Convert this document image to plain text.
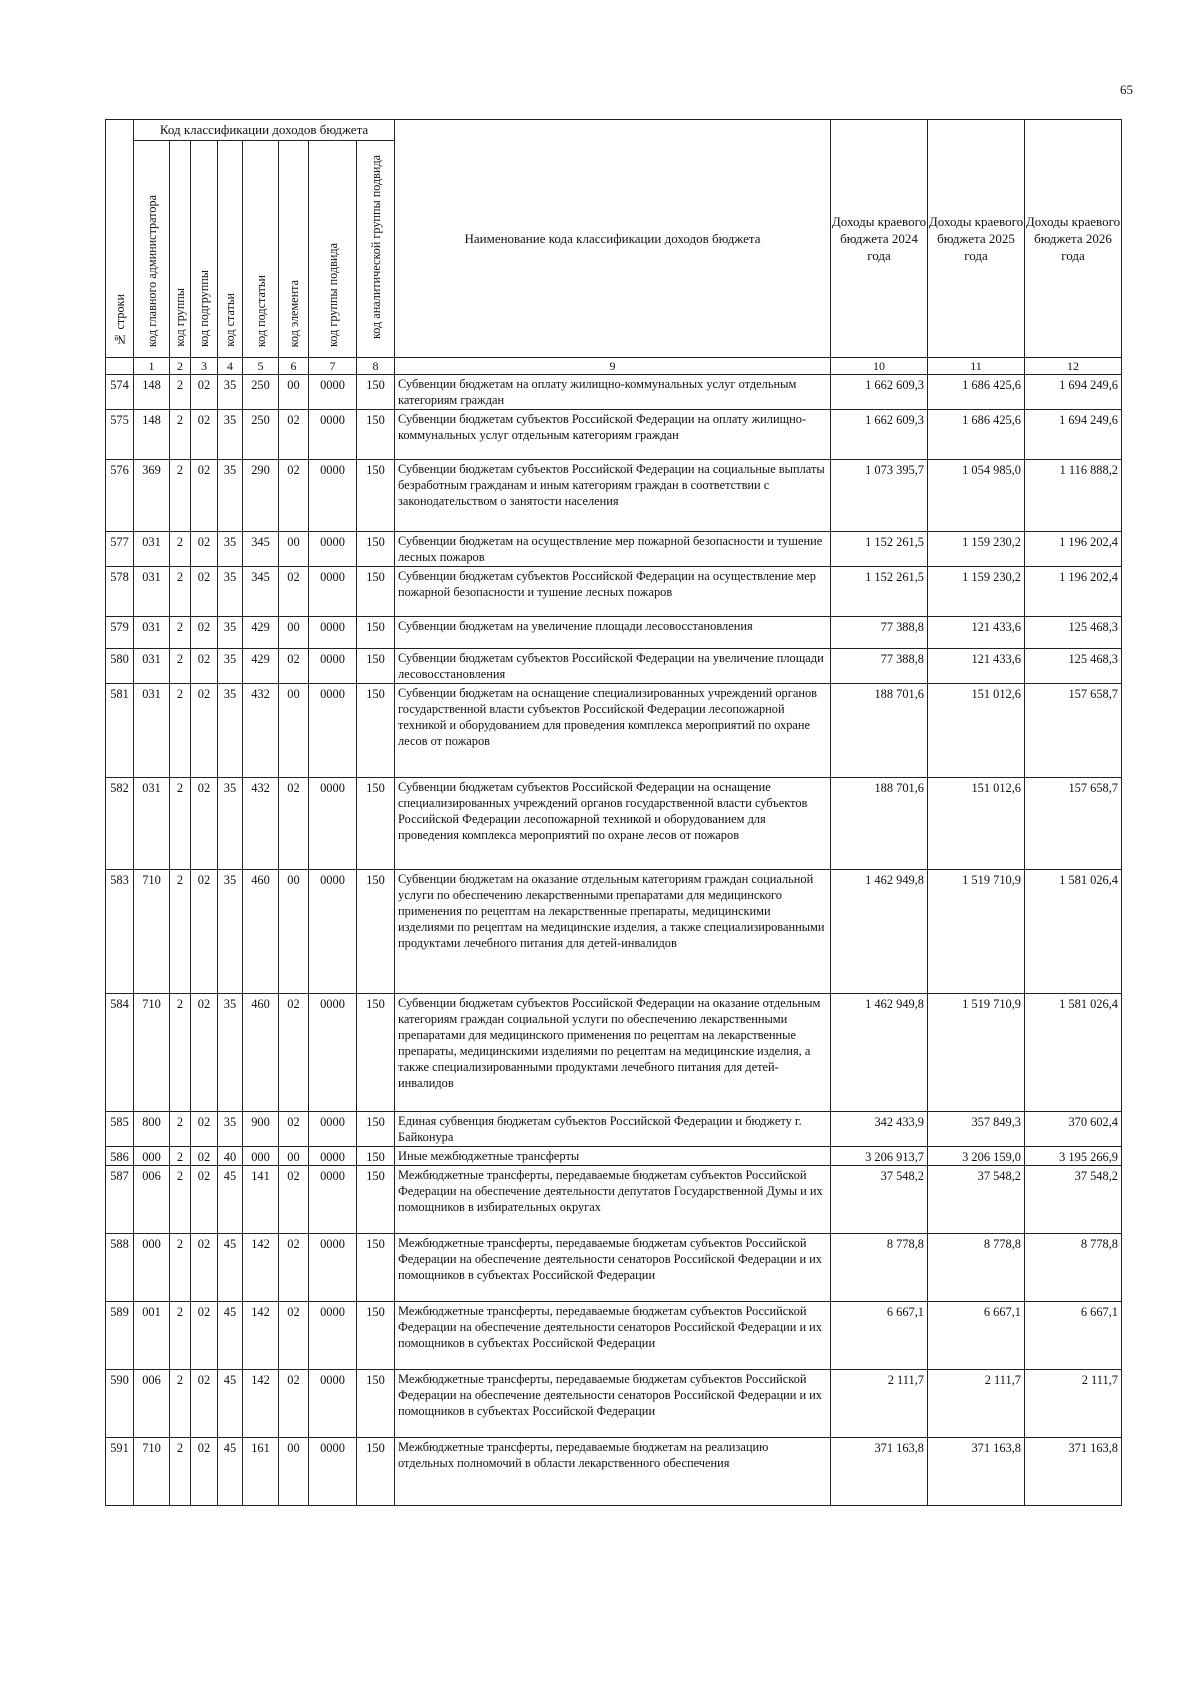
65
№ строки	Код классификации доходов бюджета								Наименование кода классификации доходов бюджета	Доходы краевого бюджета 2024 года	Доходы краевого бюджета 2025 года	Доходы краевого бюджета 2026 года
	код главного администратора	код группы	код подгруппы	код статьи	код подстатьи	код элемента	код группы подвида	код аналитической группы подвида				
	1	2	3	4	5	6	7	8	9	10	11	12
574	148	2	02	35	250	00	0000	150	Субвенции бюджетам на оплату жилищно-коммунальных услуг отдельным категориям граждан	1 662 609,3	1 686 425,6	1 694 249,6
575	148	2	02	35	250	02	0000	150	Субвенции бюджетам субъектов Российской Федерации на оплату жилищно-коммунальных услуг отдельным категориям граждан	1 662 609,3	1 686 425,6	1 694 249,6
576	369	2	02	35	290	02	0000	150	Субвенции бюджетам субъектов Российской Федерации на социальные выплаты безработным гражданам и иным категориям граждан в соответствии с законодательством о занятости населения	1 073 395,7	1 054 985,0	1 116 888,2
577	031	2	02	35	345	00	0000	150	Субвенции бюджетам на осуществление мер пожарной безопасности и тушение лесных пожаров	1 152 261,5	1 159 230,2	1 196 202,4
578	031	2	02	35	345	02	0000	150	Субвенции бюджетам субъектов Российской Федерации на осуществление мер пожарной безопасности и тушение лесных пожаров	1 152 261,5	1 159 230,2	1 196 202,4
579	031	2	02	35	429	00	0000	150	Субвенции бюджетам на увеличение площади лесовосстановления	77 388,8	121 433,6	125 468,3
580	031	2	02	35	429	02	0000	150	Субвенции бюджетам субъектов Российской Федерации на увеличение площади лесовосстановления	77 388,8	121 433,6	125 468,3
581	031	2	02	35	432	00	0000	150	Субвенции бюджетам на оснащение специализированных учреждений органов государственной власти субъектов Российской Федерации лесопожарной техникой и оборудованием для проведения комплекса мероприятий по охране лесов от пожаров	188 701,6	151 012,6	157 658,7
582	031	2	02	35	432	02	0000	150	Субвенции бюджетам субъектов Российской Федерации на оснащение специализированных учреждений органов государственной власти субъектов Российской Федерации лесопожарной техникой и оборудованием для проведения комплекса мероприятий по охране лесов от пожаров	188 701,6	151 012,6	157 658,7
583	710	2	02	35	460	00	0000	150	Субвенции бюджетам на оказание отдельным категориям граждан социальной услуги по обеспечению лекарственными препаратами для медицинского применения по рецептам на лекарственные препараты, медицинскими изделиями по рецептам на медицинские изделия, а также специализированными продуктами лечебного питания для детей-инвалидов	1 462 949,8	1 519 710,9	1 581 026,4
584	710	2	02	35	460	02	0000	150	Субвенции бюджетам субъектов Российской Федерации на оказание отдельным категориям граждан социальной услуги по обеспечению лекарственными препаратами для медицинского применения по рецептам на лекарственные препараты, медицинскими изделиями по рецептам на медицинские изделия, а также специализированными продуктами лечебного питания для детей-инвалидов	1 462 949,8	1 519 710,9	1 581 026,4
585	800	2	02	35	900	02	0000	150	Единая субвенция бюджетам субъектов Российской Федерации и бюджету г. Байконура	342 433,9	357 849,3	370 602,4
586	000	2	02	40	000	00	0000	150	Иные межбюджетные трансферты	3 206 913,7	3 206 159,0	3 195 266,9
587	006	2	02	45	141	02	0000	150	Межбюджетные трансферты, передаваемые бюджетам субъектов Российской Федерации на обеспечение деятельности депутатов Государственной Думы и их помощников в избирательных округах	37 548,2	37 548,2	37 548,2
588	000	2	02	45	142	02	0000	150	Межбюджетные трансферты, передаваемые бюджетам субъектов Российской Федерации на обеспечение деятельности сенаторов Российской Федерации и их помощников в субъектах Российской Федерации	8 778,8	8 778,8	8 778,8
589	001	2	02	45	142	02	0000	150	Межбюджетные трансферты, передаваемые бюджетам субъектов Российской Федерации на обеспечение деятельности сенаторов Российской Федерации и их помощников в субъектах Российской Федерации	6 667,1	6 667,1	6 667,1
590	006	2	02	45	142	02	0000	150	Межбюджетные трансферты, передаваемые бюджетам субъектов Российской Федерации на обеспечение деятельности сенаторов Российской Федерации и их помощников в субъектах Российской Федерации	2 111,7	2 111,7	2 111,7
591	710	2	02	45	161	00	0000	150	Межбюджетные трансферты, передаваемые бюджетам на реализацию отдельных полномочий в области лекарственного обеспечения	371 163,8	371 163,8	371 163,8
